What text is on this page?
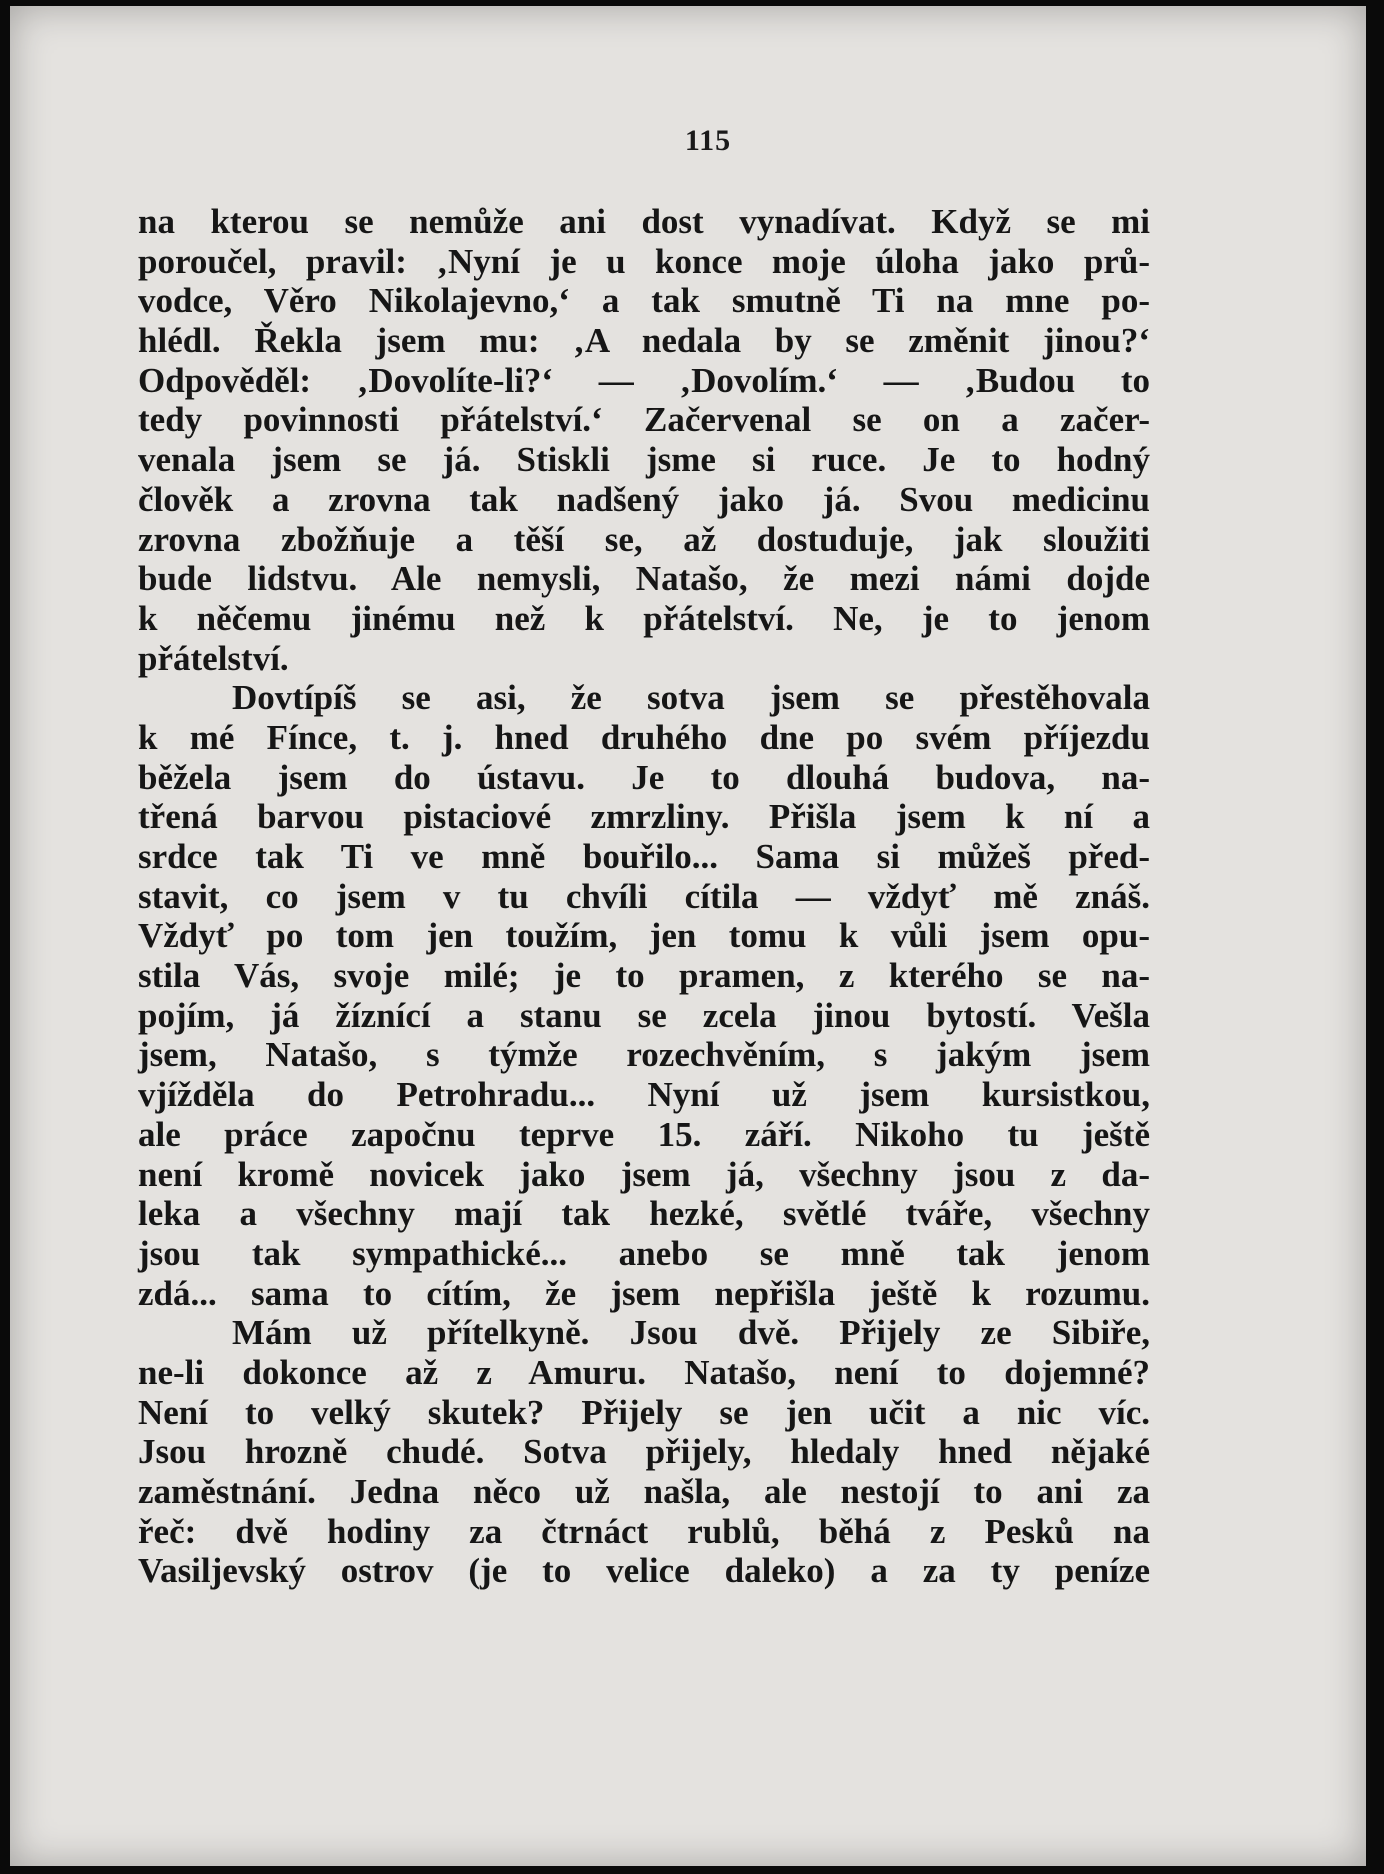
115
na kterou se nemůže ani dost vynadívat. Když se mi
poroučel, pravil: ‚Nyní je u konce moje úloha jako prů-
vodce, Věro Nikolajevno,‘ a tak smutně Ti na mne po-
hlédl. Řekla jsem mu: ‚A nedala by se změnit jinou?‘
Odpověděl: ‚Dovolíte-li?‘ — ‚Dovolím.‘ — ‚Budou to
tedy povinnosti přátelství.‘ Začervenal se on a začer-
venala jsem se já. Stiskli jsme si ruce. Je to hodný
člověk a zrovna tak nadšený jako já. Svou medicinu
zrovna zbožňuje a těší se, až dostuduje, jak sloužiti
bude lidstvu. Ale nemysli, Natašo, že mezi námi dojde
k něčemu jinému než k přátelství. Ne, je to jenom
přátelství.
Dovtípíš se asi, že sotva jsem se přestěhovala
k mé Fínce, t. j. hned druhého dne po svém příjezdu
běžela jsem do ústavu. Je to dlouhá budova, na-
třená barvou pistaciové zmrzliny. Přišla jsem k ní a
srdce tak Ti ve mně bouřilo... Sama si můžeš před-
stavit, co jsem v tu chvíli cítila — vždyť mě znáš.
Vždyť po tom jen toužím, jen tomu k vůli jsem opu-
stila Vás, svoje milé; je to pramen, z kterého se na-
pojím, já žíznící a stanu se zcela jinou bytostí. Vešla
jsem, Natašo, s týmže rozechvěním, s jakým jsem
vjížděla do Petrohradu... Nyní už jsem kursistkou,
ale práce započnu teprve 15. září. Nikoho tu ještě
není kromě novicek jako jsem já, všechny jsou z da-
leka a všechny mají tak hezké, světlé tváře, všechny
jsou tak sympathické... anebo se mně tak jenom
zdá... sama to cítím, že jsem nepřišla ještě k rozumu.
Mám už přítelkyně. Jsou dvě. Přijely ze Sibiře,
ne-li dokonce až z Amuru. Natašo, není to dojemné?
Není to velký skutek? Přijely se jen učit a nic víc.
Jsou hrozně chudé. Sotva přijely, hledaly hned nějaké
zaměstnání. Jedna něco už našla, ale nestojí to ani za
řeč: dvě hodiny za čtrnáct rublů, běhá z Pesků na
Vasiljevský ostrov (je to velice daleko) a za ty peníze
